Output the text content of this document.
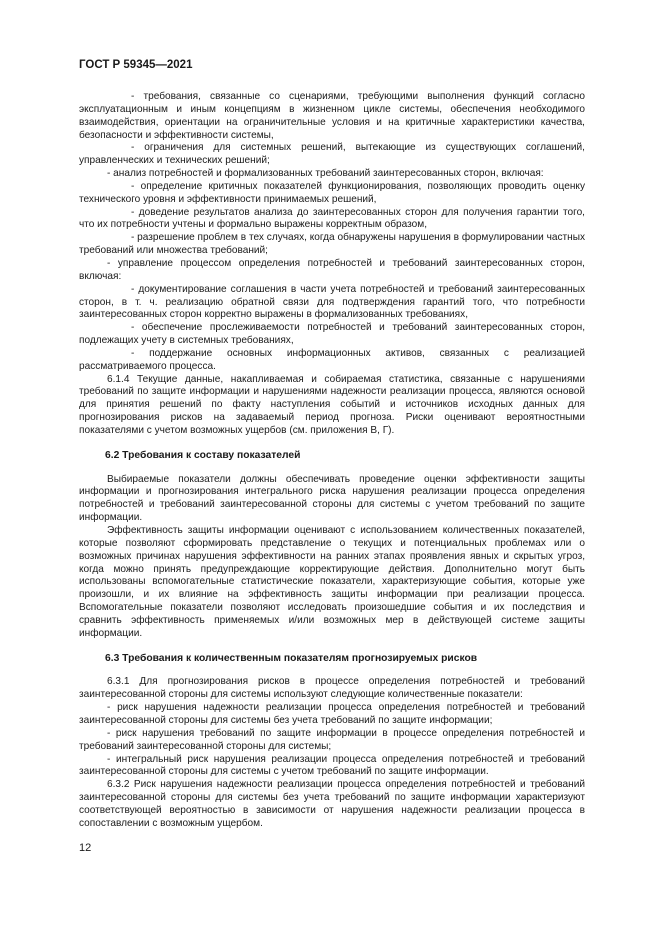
ГОСТ Р 59345—2021

- требования, связанные со сценариями, требующими выполнения функций согласно эксплуатационным и иным концепциям в жизненном цикле системы, обеспечения необходимого взаимодействия, ориентации на ограничительные условия и на критичные характеристики качества, безопасности и эффективности системы,

- ограничения для системных решений, вытекающие из существующих соглашений, управленческих и технических решений;

- анализ потребностей и формализованных требований заинтересованных сторон, включая:

- определение критичных показателей функционирования, позволяющих проводить оценку технического уровня и эффективности принимаемых решений,

- доведение результатов анализа до заинтересованных сторон для получения гарантии того, что их потребности учтены и формально выражены корректным образом,

- разрешение проблем в тех случаях, когда обнаружены нарушения в формулировании частных требований или множества требований;

- управление процессом определения потребностей и требований заинтересованных сторон, включая:

- документирование соглашения в части учета потребностей и требований заинтересованных сторон, в т. ч. реализацию обратной связи для подтверждения гарантий того, что потребности заинтересованных сторон корректно выражены в формализованных требованиях,

- обеспечение прослеживаемости потребностей и требований заинтересованных сторон, подлежащих учету в системных требованиях,

- поддержание основных информационных активов, связанных с реализацией рассматриваемого процесса.

6.1.4 Текущие данные, накапливаемая и собираемая статистика, связанные с нарушениями требований по защите информации и нарушениями надежности реализации процесса, являются основой для принятия решений по факту наступления событий и источников исходных данных для прогнозирования рисков на задаваемый период прогноза. Риски оценивают вероятностными показателями с учетом возможных ущербов (см. приложения В, Г).

6.2 Требования к составу показателей

Выбираемые показатели должны обеспечивать проведение оценки эффективности защиты информации и прогнозирования интегрального риска нарушения реализации процесса определения потребностей и требований заинтересованной стороны для системы с учетом требований по защите информации.

Эффективность защиты информации оценивают с использованием количественных показателей, которые позволяют сформировать представление о текущих и потенциальных проблемах или о возможных причинах нарушения эффективности на ранних этапах проявления явных и скрытых угроз, когда можно принять предупреждающие корректирующие действия. Дополнительно могут быть использованы вспомогательные статистические показатели, характеризующие события, которые уже произошли, и их влияние на эффективность защиты информации при реализации процесса. Вспомогательные показатели позволяют исследовать произошедшие события и их последствия и сравнить эффективность применяемых и/или возможных мер в действующей системе защиты информации.

6.3 Требования к количественным показателям прогнозируемых рисков

6.3.1 Для прогнозирования рисков в процессе определения потребностей и требований заинтересованной стороны для системы используют следующие количественные показатели:

- риск нарушения надежности реализации процесса определения потребностей и требований заинтересованной стороны для системы без учета требований по защите информации;

- риск нарушения требований по защите информации в процессе определения потребностей и требований заинтересованной стороны для системы;

- интегральный риск нарушения реализации процесса определения потребностей и требований заинтересованной стороны для системы с учетом требований по защите информации.

6.3.2 Риск нарушения надежности реализации процесса определения потребностей и требований заинтересованной стороны для системы без учета требований по защите информации характеризуют соответствующей вероятностью в зависимости от нарушения надежности реализации процесса в сопоставлении с возможным ущербом.

12
